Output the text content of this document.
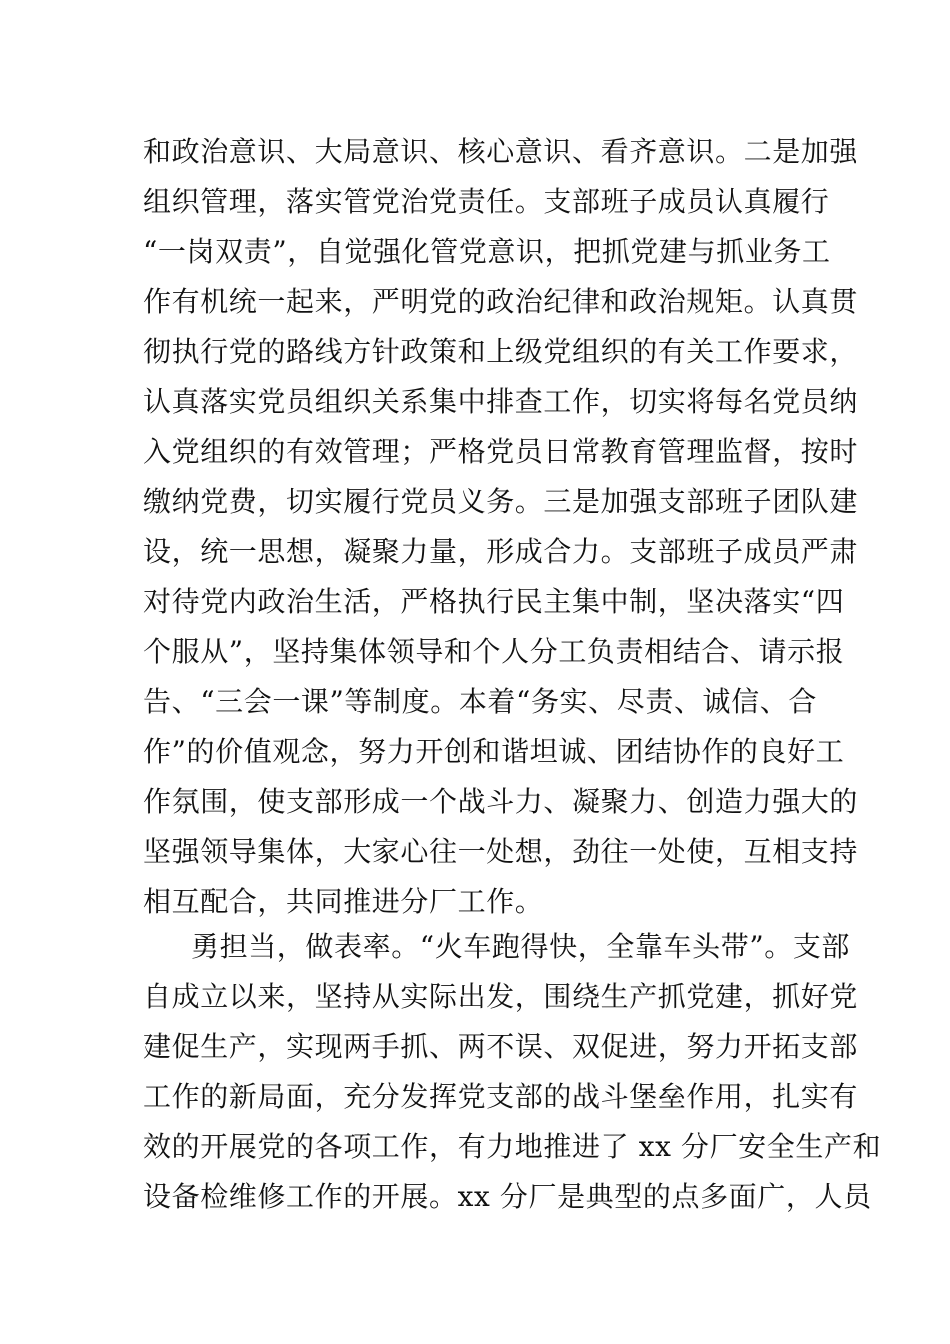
和政治意识、大局意识、核心意识、看齐意识。二是加强
组织管理，落实管党治党责任。支部班子成员认真履行
“一岗双责”，自觉强化管党意识，把抓党建与抓业务工
作有机统一起来，严明党的政治纪律和政治规矩。认真贯
彻执行党的路线方针政策和上级党组织的有关工作要求，
认真落实党员组织关系集中排查工作，切实将每名党员纳
入党组织的有效管理；严格党员日常教育管理监督，按时
缴纳党费，切实履行党员义务。三是加强支部班子团队建
设，统一思想，凝聚力量，形成合力。支部班子成员严肃
对待党内政治生活，严格执行民主集中制，坚决落实“四
个服从”，坚持集体领导和个人分工负责相结合、请示报
告、“三会一课”等制度。本着“务实、尽责、诚信、合
作”的价值观念，努力开创和谐坦诚、团结协作的良好工
作氛围，使支部形成一个战斗力、凝聚力、创造力强大的
坚强领导集体，大家心往一处想，劲往一处使，互相支持
相互配合，共同推进分厂工作。
勇担当，做表率。“火车跑得快，全靠车头带”。支部
自成立以来，坚持从实际出发，围绕生产抓党建，抓好党
建促生产，实现两手抓、两不误、双促进，努力开拓支部
工作的新局面，充分发挥党支部的战斗堡垒作用，扎实有
效的开展党的各项工作，有力地推进了 xx 分厂安全生产和
设备检维修工作的开展。xx 分厂是典型的点多面广，人员
